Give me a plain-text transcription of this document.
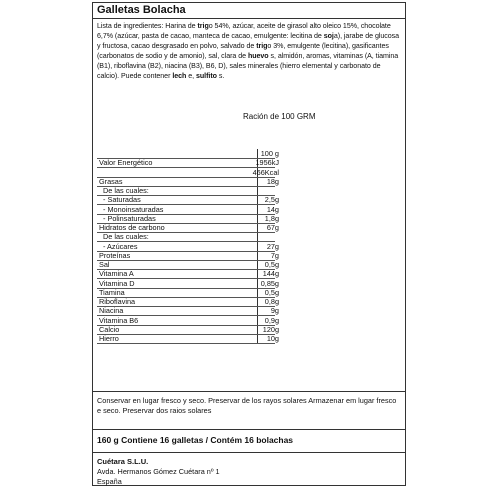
Galletas Bolacha
Lista de ingredientes: Harina de trigo 54%, azúcar, aceite de girasol alto oleico 15%, chocolate 6,7% (azúcar, pasta de cacao, manteca de cacao, emulgente: lecitina de soja), jarabe de glucosa y fructosa, cacao desgrasado en polvo, salvado de trigo 3%, emulgente (lecitina), gasificantes (carbonatos de sodio y de amonio), sal, clara de huevo s, almidón, aromas, vitaminas (A, tiamina (B1), riboflavina (B2), niacina (B3), B6, D), sales minerales (hierro elemental y carbonato de calcio). Puede contener lech e, sulfito s.
Ración de 100 GRM
100 g
Valor Energético	1956kJ
466Kcal
Grasas	18g
De las cuales:
- Saturadas	2,5g
- Monoinsaturadas	14g
- Polinsaturadas	1,8g
Hidratos de carbono	67g
De las cuales:
- Azúcares	27g
Proteínas	7g
Sal	0,5g
Vitamina A	144g
Vitamina D	0,85g
Tiamina	0,5g
Riboflavina	0,8g
Niacina	9g
Vitamina B6	0,9g
Calcio	120g
Hierro	10g
Conservar en lugar fresco y seco. Preservar de los rayos solares Armazenar em lugar fresco e seco. Preservar dos raios solares
160 g Contiene 16 galletas / Contém 16 bolachas
Cuétara S.L.U.
Avda. Hermanos Gómez Cuétara nº 1
España
